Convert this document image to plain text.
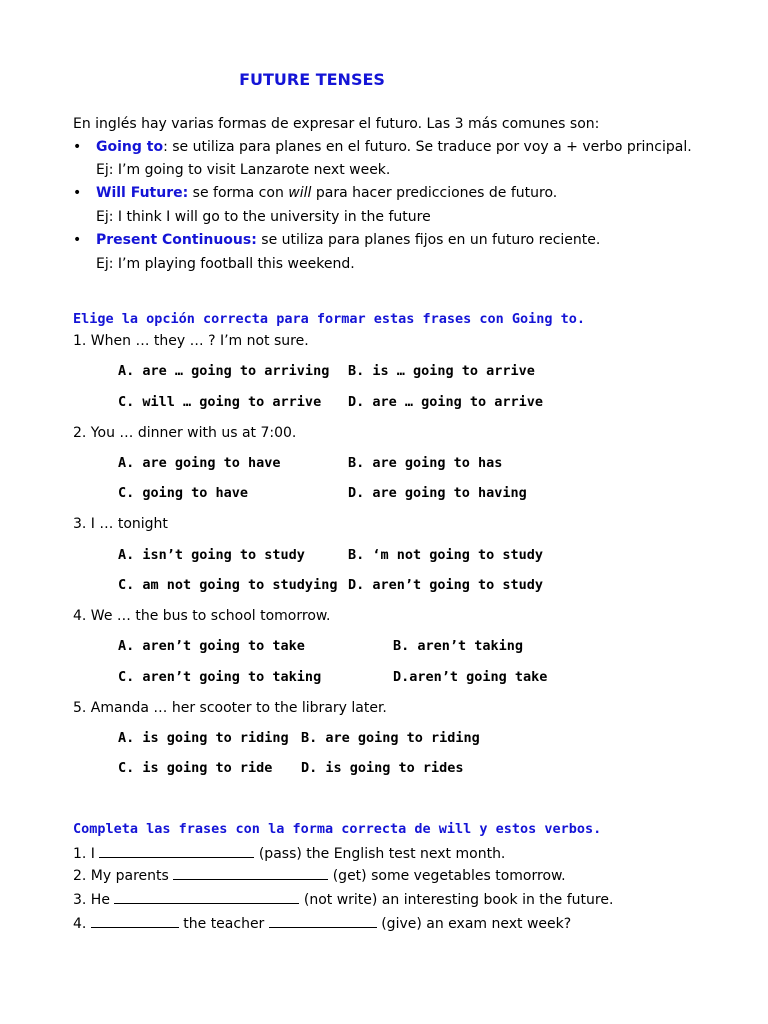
FUTURE TENSES
En inglés hay varias formas de expresar el futuro. Las 3 más comunes son:
• Going to: se utiliza para planes en el futuro. Se traduce por voy a + verbo principal.
Ej: I’m going to visit Lanzarote next week.
• Will Future: se forma con will para hacer predicciones de futuro.
Ej: I think I will go to the university in the future
• Present Continuous: se utiliza para planes fijos en un futuro reciente.
Ej: I’m playing football this weekend.
Elige la opción correcta para formar estas frases con Going to.
1. When … they … ? I’m not sure.
A. are … going to arriving B. is … going to arrive
C. will … going to arrive D. are … going to arrive
2. You … dinner with us at 7:00.
A. are going to have	B. are going to has
C. going to have	D. are going to having
3. I … tonight
A. isn’t going to study	B. ‘m not going to study
C. am not going to studying D. aren’t going to study
4. We … the bus to school tomorrow.
A. aren’t going to take	B. aren’t taking
C. aren’t going to taking	D.aren’t going take
5. Amanda … her scooter to the library later.
A. is going to riding B. are going to riding
C. is going to ride D. is going to rides
Completa las frases con la forma correcta de will y estos verbos.
1. I	(pass) the English test next month.
2. My parents	(get) some vegetables tomorrow.
3. He	(not write) an interesting book in the future.
4.	the teacher	(give) an exam next week?
